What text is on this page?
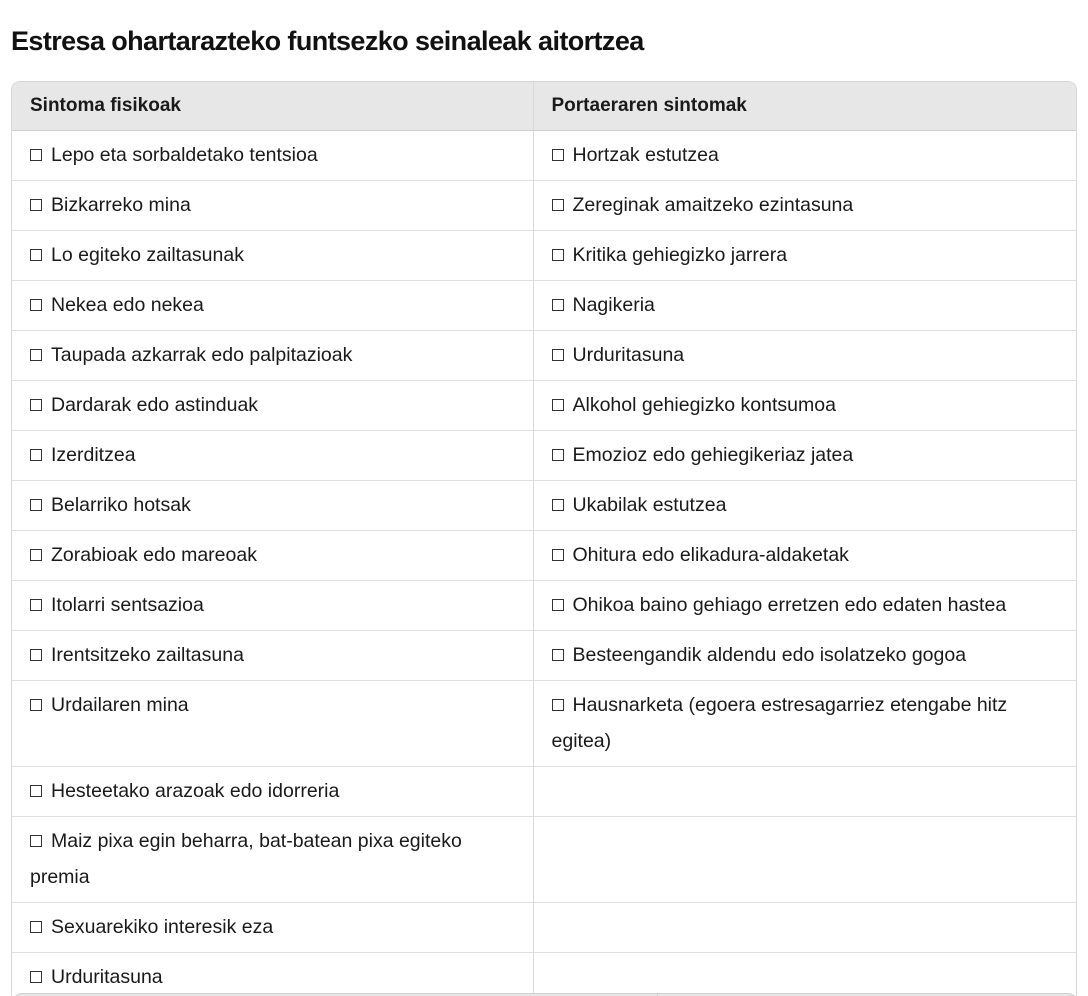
Estresa ohartarazteko funtsezko seinaleak aitortzea
Sintoma fisikoak	Portaeraren sintomak
Lepo eta sorbaldetako tentsioa	Hortzak estutzea
Bizkarreko mina	Zereginak amaitzeko ezintasuna
Lo egiteko zailtasunak	Kritika gehiegizko jarrera
Nekea edo nekea	Nagikeria
Taupada azkarrak edo palpitazioak	Urduritasuna
Dardarak edo astinduak	Alkohol gehiegizko kontsumoa
Izerditzea	Emozioz edo gehiegikeriaz jatea
Belarriko hotsak	Ukabilak estutzea
Zorabioak edo mareoak	Ohitura edo elikadura-aldaketak
Itolarri sentsazioa	Ohikoa baino gehiago erretzen edo edaten hastea
Irentsitzeko zailtasuna	Besteengandik aldendu edo isolatzeko gogoa
Urdailaren mina	Hausnarketa (egoera estresagarriez etengabe hitz egitea)
Hesteetako arazoak edo idorreria	
Maiz pixa egin beharra, bat-batean pixa egiteko premia	
Sexuarekiko interesik eza	
Urduritasuna	
